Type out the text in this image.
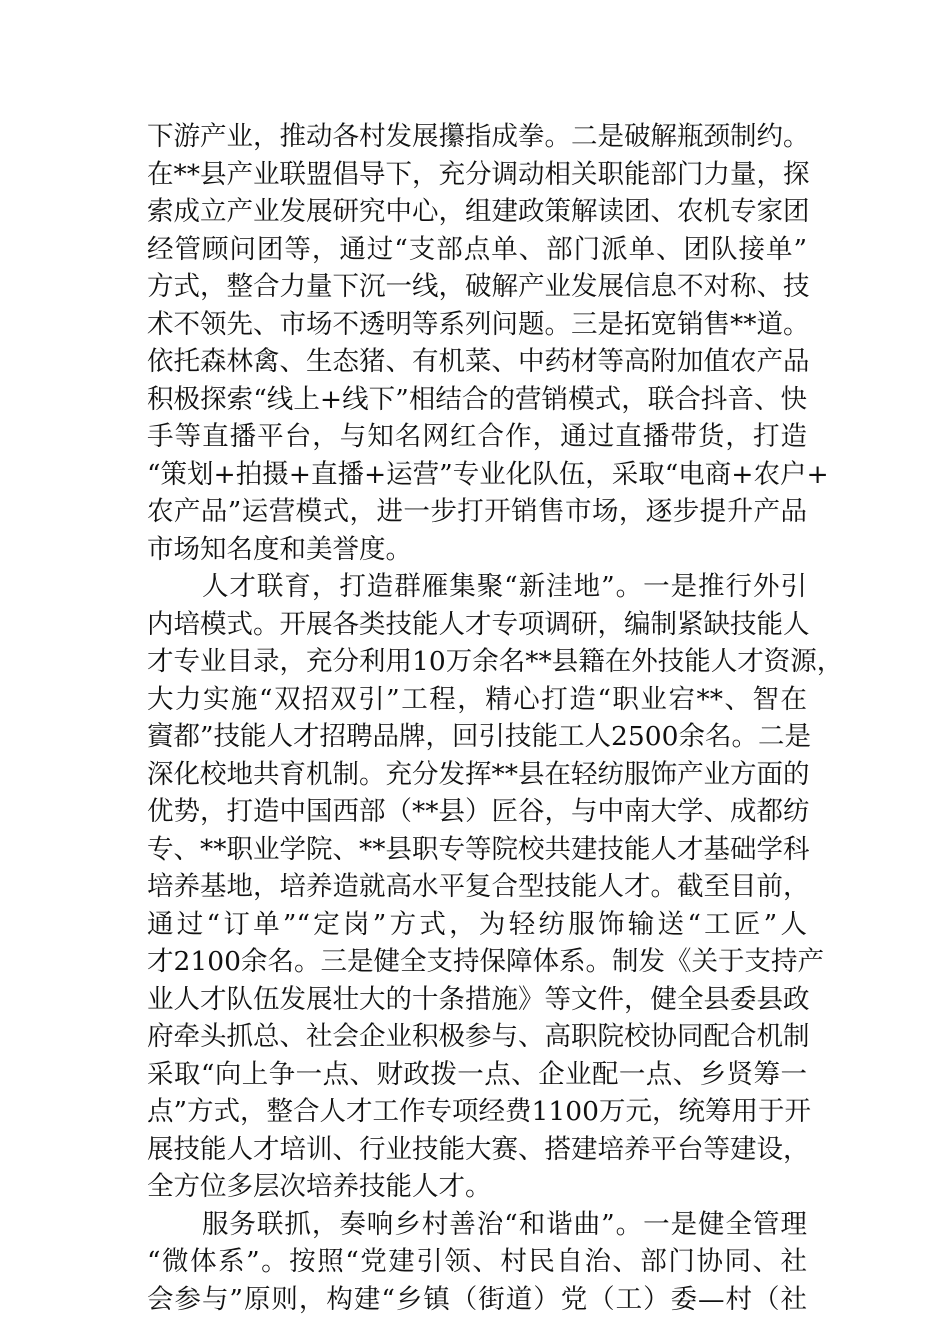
下游产业，推动各村发展攥指成拳。二是破解瓶颈制约。
在**县产业联盟倡导下，充分调动相关职能部门力量，探
索成立产业发展研究中心，组建政策解读团、农机专家团
经管顾问团等，通过“支部点单、部门派单、团队接单”
方式，整合力量下沉一线，破解产业发展信息不对称、技
术不领先、市场不透明等系列问题。三是拓宽销售**道。
依托森林禽、生态猪、有机菜、中药材等高附加值农产品
积极探索“线上+线下”相结合的营销模式，联合抖音、快
手等直播平台，与知名网红合作，通过直播带货，打造
“策划+拍摄+直播+运营”专业化队伍，采取“电商+农户+
农产品”运营模式，进一步打开销售市场，逐步提升产品
市场知名度和美誉度。
　　人才联育，打造群雁集聚“新洼地”。一是推行外引
内培模式。开展各类技能人才专项调研，编制紧缺技能人
才专业目录，充分利用10万余名**县籍在外技能人才资源，
大力实施“双招双引”工程，精心打造“职业宕**、智在
賨都”技能人才招聘品牌，回引技能工人2500余名。二是
深化校地共育机制。充分发挥**县在轻纺服饰产业方面的
优势，打造中国西部（**县）匠谷，与中南大学、成都纺
专、**职业学院、**县职专等院校共建技能人才基础学科
培养基地，培养造就高水平复合型技能人才。截至目前，
通过“订单”“定岗”方式，为轻纺服饰输送“工匠”人
才2100余名。三是健全支持保障体系。制发《关于支持产
业人才队伍发展壮大的十条措施》等文件，健全县委县政
府牵头抓总、社会企业积极参与、高职院校协同配合机制
采取“向上争一点、财政拨一点、企业配一点、乡贤筹一
点”方式，整合人才工作专项经费1100万元，统筹用于开
展技能人才培训、行业技能大赛、搭建培养平台等建设，
全方位多层次培养技能人才。
　　服务联抓，奏响乡村善治“和谐曲”。一是健全管理
“微体系”。按照“党建引领、村民自治、部门协同、社
会参与”原则，构建“乡镇（街道）党（工）委—村（社
